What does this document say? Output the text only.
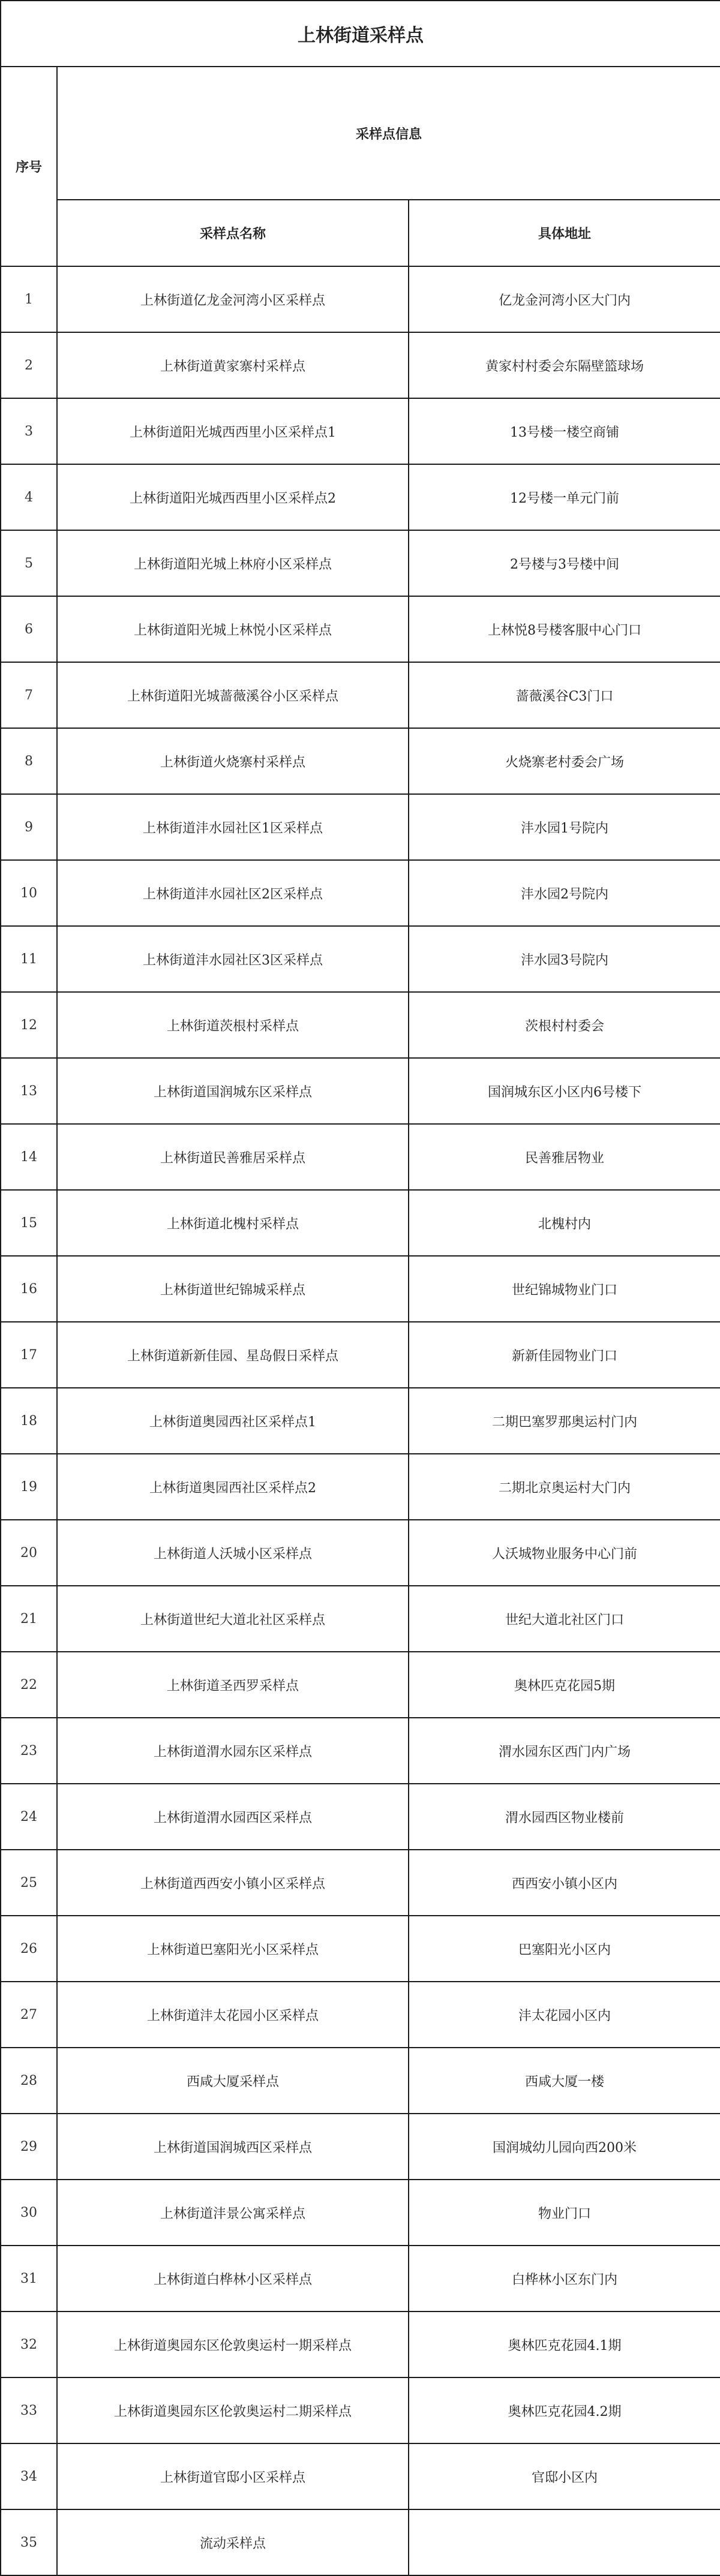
上林街道采样点		
序号	采样点信息	
	采样点名称	具体地址
1	上林街道亿龙金河湾小区采样点	亿龙金河湾小区大门内
2	上林街道黄家寨村采样点	黄家村村委会东隔壁篮球场
3	上林街道阳光城西西里小区采样点1	13号楼一楼空商铺
4	上林街道阳光城西西里小区采样点2	12号楼一单元门前
5	上林街道阳光城上林府小区采样点	2号楼与3号楼中间
6	上林街道阳光城上林悦小区采样点	上林悦8号楼客服中心门口
7	上林街道阳光城蔷薇溪谷小区采样点	蔷薇溪谷C3门口
8	上林街道火烧寨村采样点	火烧寨老村委会广场
9	上林街道沣水园社区1区采样点	沣水园1号院内
10	上林街道沣水园社区2区采样点	沣水园2号院内
11	上林街道沣水园社区3区采样点	沣水园3号院内
12	上林街道茨根村采样点	茨根村村委会
13	上林街道国润城东区采样点	国润城东区小区内6号楼下
14	上林街道民善雅居采样点	民善雅居物业
15	上林街道北槐村采样点	北槐村内
16	上林街道世纪锦城采样点	世纪锦城物业门口
17	上林街道新新佳园、星岛假日采样点	新新佳园物业门口
18	上林街道奥园西社区采样点1	二期巴塞罗那奥运村门内
19	上林街道奥园西社区采样点2	二期北京奥运村大门内
20	上林街道人沃城小区采样点	人沃城物业服务中心门前
21	上林街道世纪大道北社区采样点	世纪大道北社区门口
22	上林街道圣西罗采样点	奥林匹克花园5期
23	上林街道渭水园东区采样点	渭水园东区西门内广场
24	上林街道渭水园西区采样点	渭水园西区物业楼前
25	上林街道西西安小镇小区采样点	西西安小镇小区内
26	上林街道巴塞阳光小区采样点	巴塞阳光小区内
27	上林街道沣太花园小区采样点	沣太花园小区内
28	西咸大厦采样点	西咸大厦一楼
29	上林街道国润城西区采样点	国润城幼儿园向西200米
30	上林街道沣景公寓采样点	物业门口
31	上林街道白桦林小区采样点	白桦林小区东门内
32	上林街道奥园东区伦敦奥运村一期采样点	奥林匹克花园4.1期
33	上林街道奥园东区伦敦奥运村二期采样点	奥林匹克花园4.2期
34	上林街道官邸小区采样点	官邸小区内
35	流动采样点	
